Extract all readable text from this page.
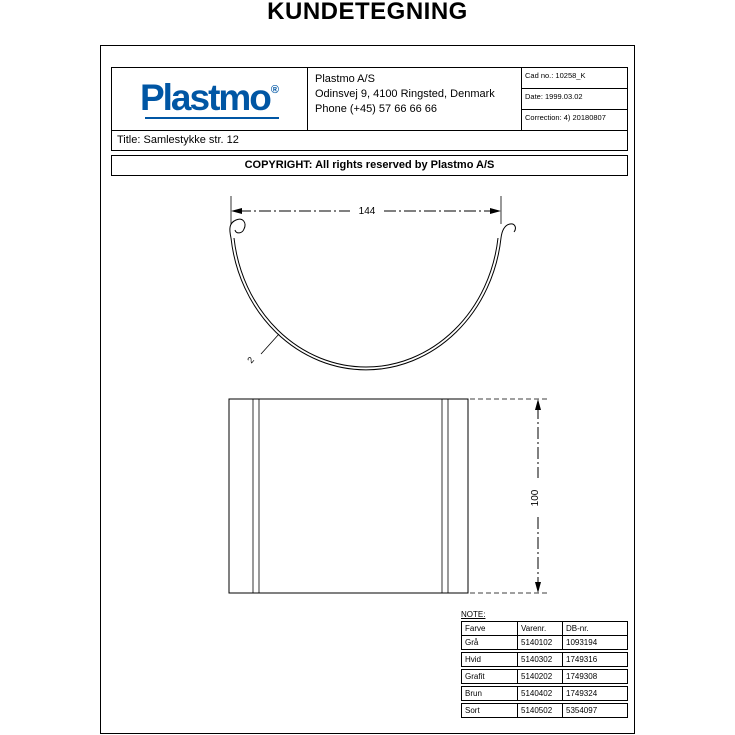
KUNDETEGNING
144
2
100
Plastmo®
Plastmo A/S
Odinsvej 9, 4100 Ringsted, Denmark
Phone (+45) 57 66 66 66
Cad no.: 10258_K
Date: 1999.03.02
Correction: 4) 20180807
Title: Samlestykke str. 12
COPYRIGHT: All rights reserved by Plastmo A/S
NOTE:
Farve	Varenr.	DB-nr.
Grå	5140102	1093194
Hvid	5140302	1749316
Grafit	5140202	1749308
Brun	5140402	1749324
Sort	5140502	5354097
